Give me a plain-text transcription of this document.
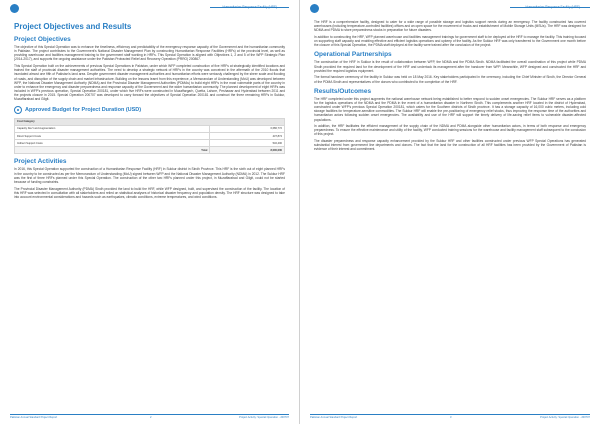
Humanitarian Response Facility (HRF)
Project Objectives and Results
Project Objectives

The objective of this Special Operation was to enhance the timeliness, efficiency and predictability of the emergency response capacity of the Government and the humanitarian community in Pakistan. The project contributes to the Government's National Disaster Management Plan by constructing Humanitarian Response Facilities (HRFs) at the provincial level, as well as providing warehouse and facilities management training to the government staff working in HRFs. This Special Operation is aligned with Objectives 1, 2 and 5 of the WFP Strategic Plan (2014-2017), and supports the ongoing assistance under the Pakistan Protracted Relief and Recovery Operation (PRRO) 200867.

This Special Operation built on the achievements of previous Special Operations in Pakistan, under which WFP completed construction of five HRFs at strategically identified locations and trained the staff of provincial disaster management authorities. The need to develop a strategic network of HRFs in the country was conceived in the aftermath of the 2010 floods that inundated almost one fifth of Pakistan's land area. Despite government disaster management authorities and humanitarian efforts were seriously challenged by the sheer scale and flooding of roads, and disruption of the supply chain and market infrastructure. Building on the lessons learnt from this experience, a Memorandum of Understanding (MoU) was developed between WFP, the National Disaster Management Authority (NDMA) and the Provincial Disaster Management Authorities (PDMAs) to build eight HRFs in the most vulnerable parts of the country in order to enhance the emergency and disaster preparedness and response capacity of the Government and the wider humanitarian community. The planned development of eight HRFs was included in WFP's previous operation, Special Operation 200181, under which five HRFs were constructed in Muzaffargarh, Quetta, Lahore, Peshawar and Hyderabad between 2011 and the projects closure in 2015. Special Operation 200707 was developed to carry forward the objectives of Special Operation 200181 and construct the three remaining HRFs in Sukkur, Muzaffarabad and Gilgit.

Approved Budget for Project Duration (USD)
Cost Category	
Capacity Dev't and Augmentation	6,686,772
Direct Support Costs	437,874
Indirect Support Costs	532,400
Total	8,000,000
Project Activities

In 2016, this Special Operation supported the construction of a Humanitarian Response Facility (HRF) in Sukkur district in Sindh Province. This HRF is the sixth out of eight planned HRFs in the country to be constructed as per the Memorandum of Understanding (MoU) signed between WFP and the National Disaster Management Authority (NDMA) in 2012. The Sukkur HRF was the first of three HRFs planned under this Special Operation. The construction of the other two HRFs planned under this project, in Muzaffarabad and Gilgit, could not be started because of funding constraints.

The Provincial Disaster Management Authority (PDMA) Sindh provided the land to build the HRF, while WFP designed, built, and supervised the construction of the facility. The location of this HRF was selected in consultation with all stakeholders and relied on statistical analyses of historical disaster frequency and population density. The HRF structure was designed to take into account environmental considerations and hazards such as earthquakes, climatic conditions, extreme temperatures, and wind conditions.

Pakistan Annual Standard Project Report	2	Project Activity: Special Operation - 200707
Humanitarian Response Facility (HRF)

The HRF is a comprehensive facility, designed to cater for a wide range of possible storage and logistics support needs during an emergency. The facility constructed has covered warehouses (including temperature-controlled facilities) offices and an open space for the movement of trucks and establishment of Mobile Storage Units (MSUs). The HRF was designed for NDMA and PDMA to store preparedness stocks in preparation for future disasters.

In addition to constructing the HRF, WFP planned warehouse and facilities management trainings for government staff to be deployed at the HRF to manage the facility. This training focused on supporting staff capacity and enabling effective and efficient logistics operations and upkeep of the facility. As the Sukkur HRF was only transferred to the Government one month before the closure of this Special Operation, the PDMA staff deployed at the facility were trained after the conclusion of the project.

Operational Partnerships

The construction of the HRF in Sukkur is the result of collaboration between WFP, the NDMA and the PDMA Sindh. NDMA facilitated the overall coordination of this project while PDMA Sindh provided the required land for the development of the HRF and undertook its management after the handover from WFP. Meanwhile, WFP designed and constructed the HRF and provided the required logistics equipment.

The formal handover ceremony of the facility in Sukkur was held on 18 May 2016. Key stakeholders participated in the ceremony, including the Chief Minister of Sindh, the Director General of the PDMA Sindh and representatives of the donors who contributed to the completion of the HRF.

Results/Outcomes

The HRF completed under this project augments the national warehouse network being established to better respond to sudden onset emergencies. The Sukkur HRF serves as a platform for the logistics operations of the NDMA and the PDMA in the event of a humanitarian disaster in Northern Sindh. This complements another HRF located in the district of Hyderabad, constructed under WFP's previous Special Operation 200181, which caters for the Southern districts of Sindh province. It has a storage capacity of 16,000 cubic meters, including cold storage facilities for temperature-sensitive commodities. The Sukkur HRF will enable the pre-positioning of emergency relief stocks, thus improving the response time of the authorities and humanitarian actors following sudden onset emergencies. The availability and use of the HRF will support the timely delivery of life-saving relief items to vulnerable disaster-affected populations.

In addition, the HRF facilitates the efficient management of the supply chain of the NDMA and PDMA alongside other humanitarian actors, in terms of both response and emergency preparedness. To ensure the effective maintenance and utility of the facility, WFP conducted training sessions for the warehouse and facility management staff subsequent to the conclusion of this project.

The disaster preparedness and response capacity enhancement provided by the Sukkur HRF and other facilities constructed under previous WFP Special Operations has generated substantial interest from government line departments and donors. The fact that the land for the construction of all HRF facilities has been provided by the Government of Pakistan is evidence of their interest and commitment.

Pakistan Annual Standard Project Report	3	Project Activity: Special Operation - 200707
